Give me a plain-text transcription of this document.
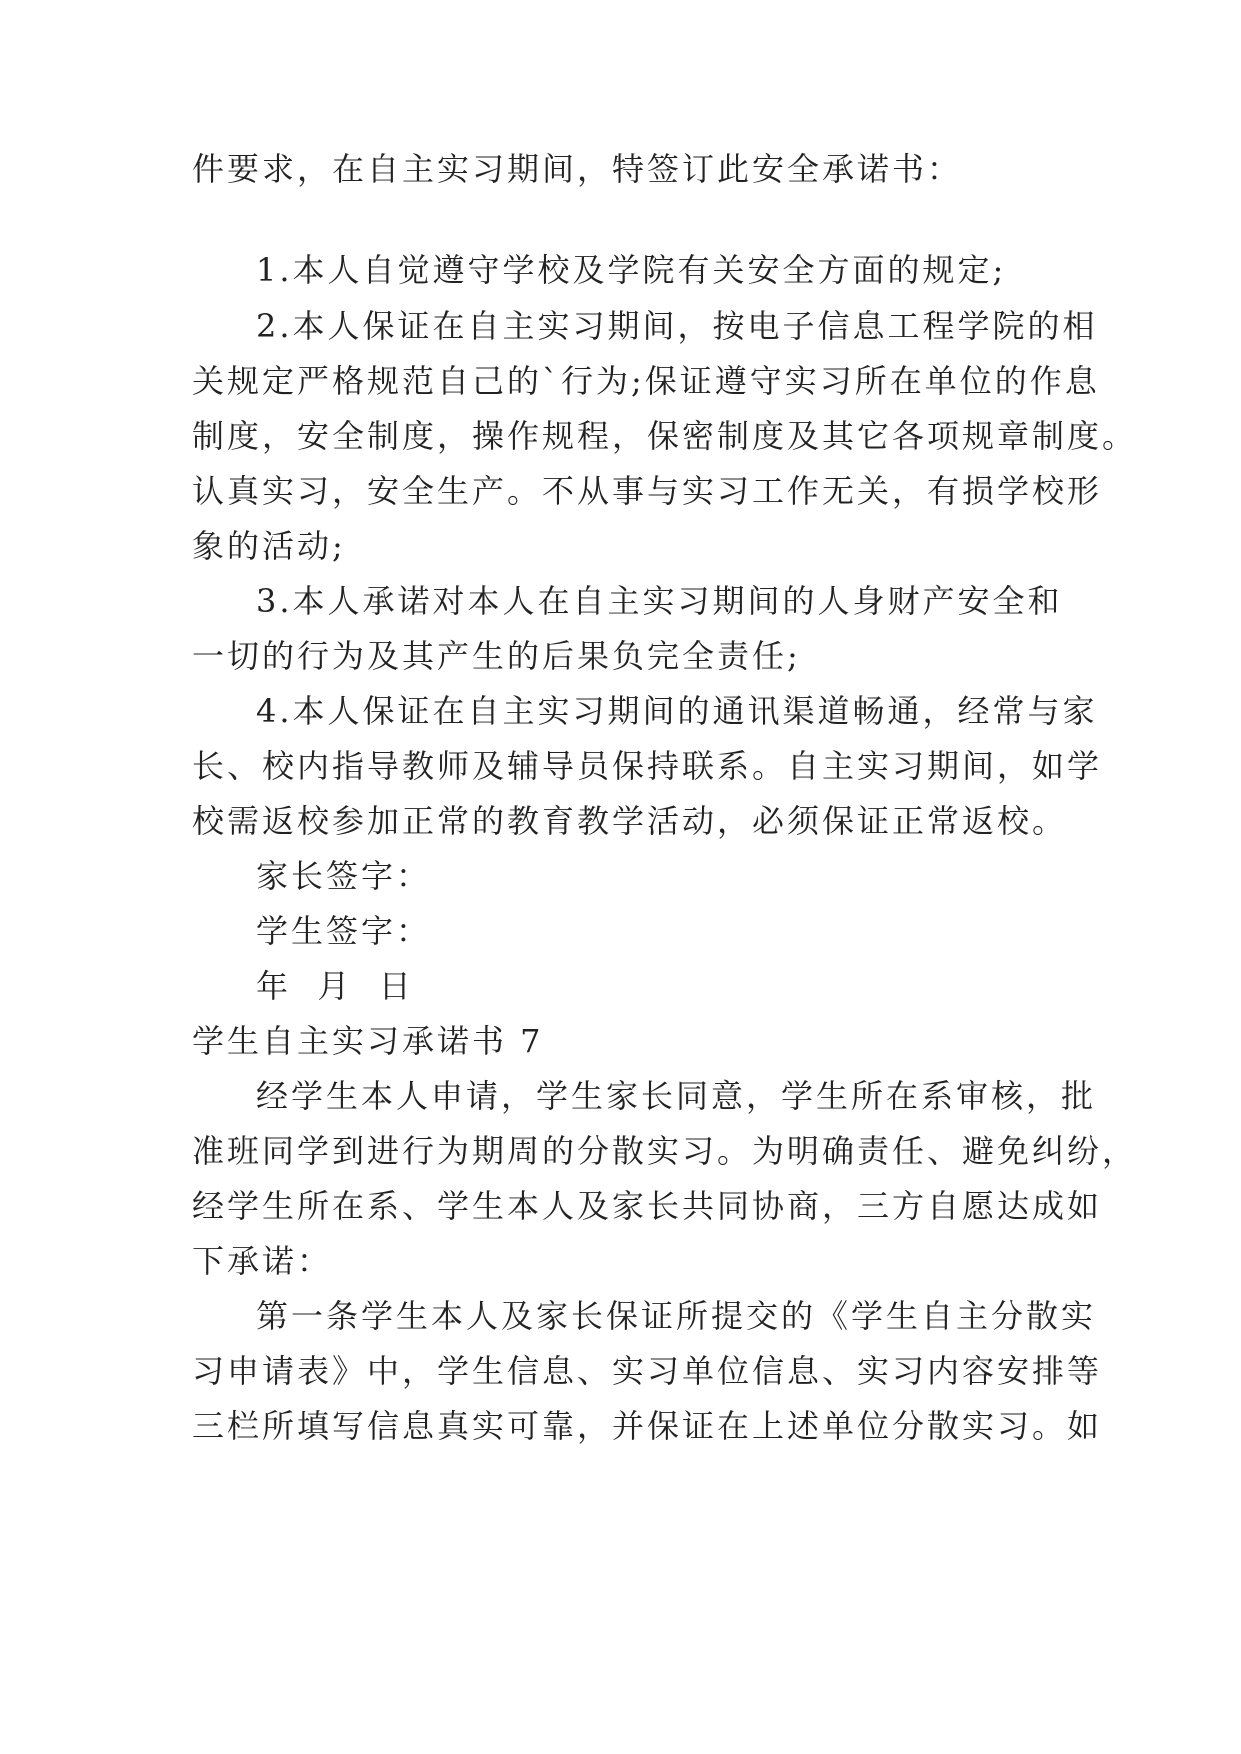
件要求，在自主实习期间，特签订此安全承诺书：
1.本人自觉遵守学校及学院有关安全方面的规定;
2.本人保证在自主实习期间，按电子信息工程学院的相
关规定严格规范自己的`行为;保证遵守实习所在单位的作息
制度，安全制度，操作规程，保密制度及其它各项规章制度。
认真实习，安全生产。不从事与实习工作无关，有损学校形
象的活动;
3.本人承诺对本人在自主实习期间的人身财产安全和
一切的行为及其产生的后果负完全责任;
4.本人保证在自主实习期间的通讯渠道畅通，经常与家
长、校内指导教师及辅导员保持联系。自主实习期间，如学
校需返校参加正常的教育教学活动，必须保证正常返校。
家长签字：
学生签字：
年  月  日
学生自主实习承诺书 7
经学生本人申请，学生家长同意，学生所在系审核，批
准班同学到进行为期周的分散实习。为明确责任、避免纠纷，
经学生所在系、学生本人及家长共同协商，三方自愿达成如
下承诺：
第一条学生本人及家长保证所提交的《学生自主分散实
习申请表》中，学生信息、实习单位信息、实习内容安排等
三栏所填写信息真实可靠，并保证在上述单位分散实习。如
